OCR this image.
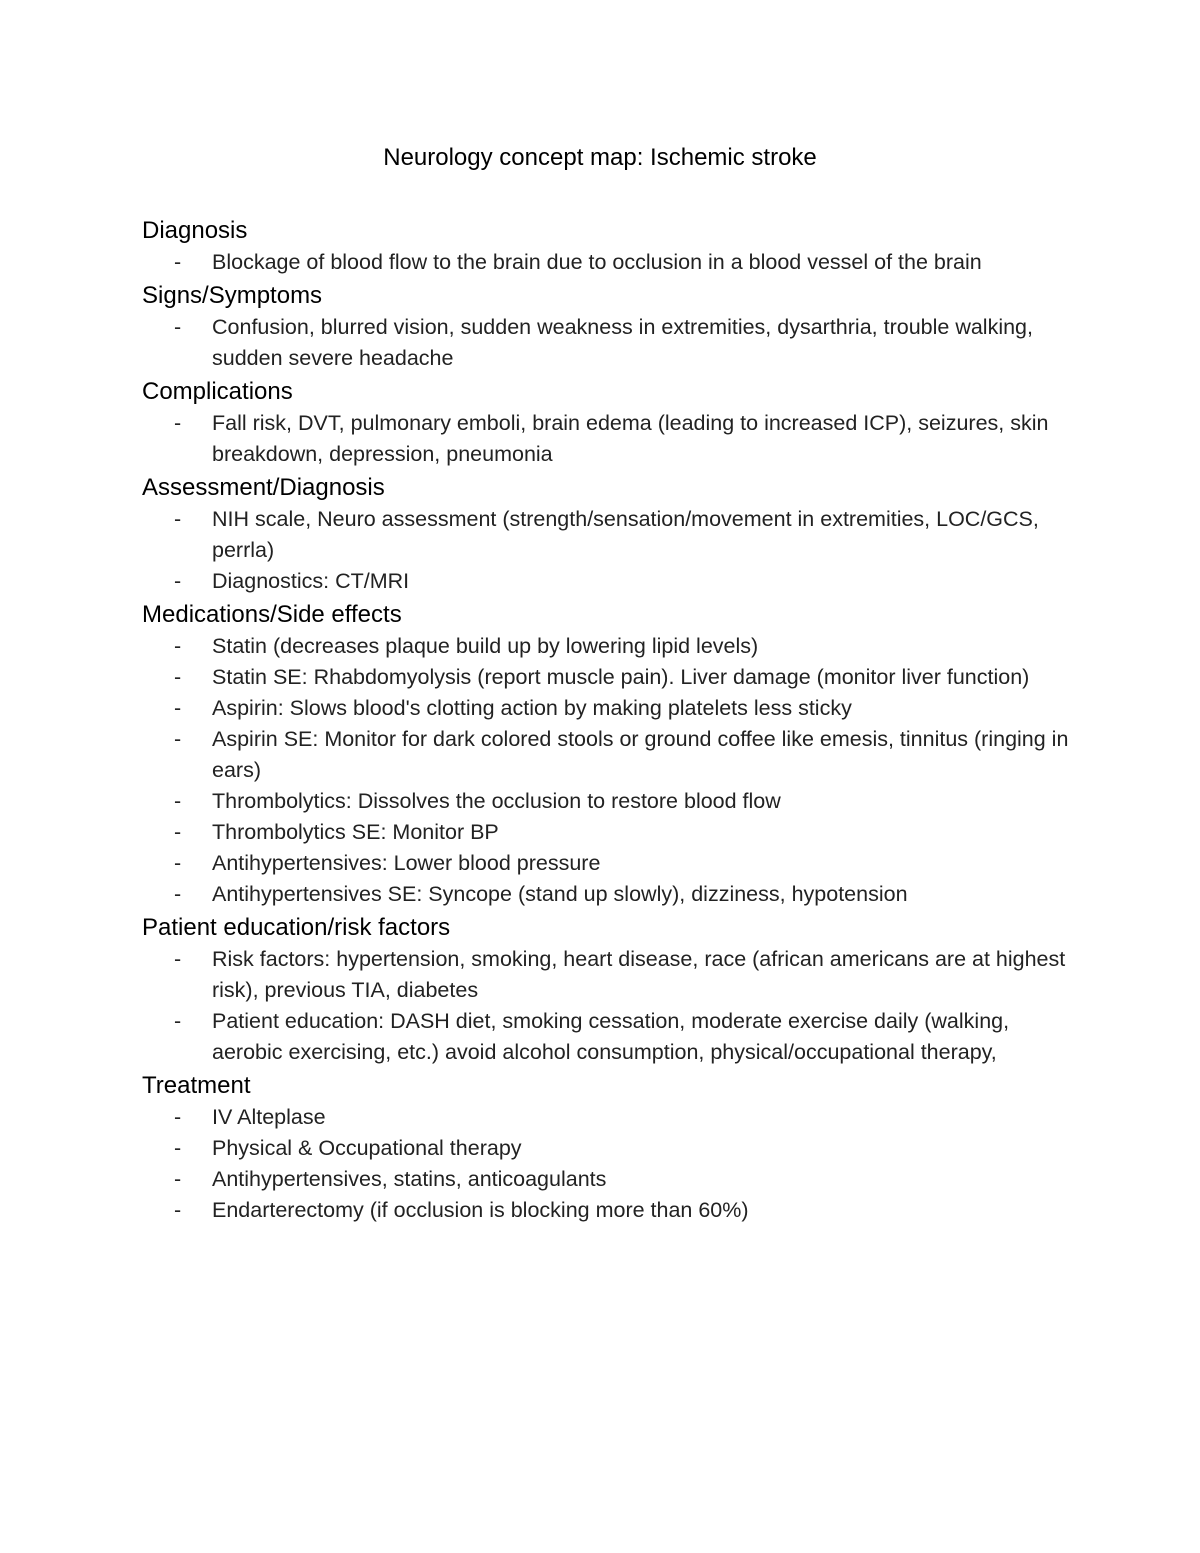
Neurology concept map: Ischemic stroke
Diagnosis
- Blockage of blood flow to the brain due to occlusion in a blood vessel of the brain
Signs/Symptoms
- Confusion, blurred vision, sudden weakness in extremities, dysarthria, trouble walking, sudden severe headache
Complications
- Fall risk, DVT, pulmonary emboli, brain edema (leading to increased ICP), seizures, skin breakdown, depression, pneumonia
Assessment/Diagnosis
- NIH scale, Neuro assessment (strength/sensation/movement in extremities, LOC/GCS, perrla)
- Diagnostics: CT/MRI
Medications/Side effects
- Statin (decreases plaque build up by lowering lipid levels)
- Statin SE: Rhabdomyolysis (report muscle pain). Liver damage (monitor liver function)
- Aspirin: Slows blood's clotting action by making platelets less sticky
- Aspirin SE: Monitor for dark colored stools or ground coffee like emesis, tinnitus (ringing in ears)
- Thrombolytics: Dissolves the occlusion to restore blood flow
- Thrombolytics SE: Monitor BP
- Antihypertensives: Lower blood pressure
- Antihypertensives SE: Syncope (stand up slowly), dizziness, hypotension
Patient education/risk factors
- Risk factors: hypertension, smoking, heart disease, race (african americans are at highest risk), previous TIA, diabetes
- Patient education: DASH diet, smoking cessation, moderate exercise daily (walking, aerobic exercising, etc.) avoid alcohol consumption, physical/occupational therapy,
Treatment
- IV Alteplase
- Physical & Occupational therapy
- Antihypertensives, statins, anticoagulants
- Endarterectomy (if occlusion is blocking more than 60%)
